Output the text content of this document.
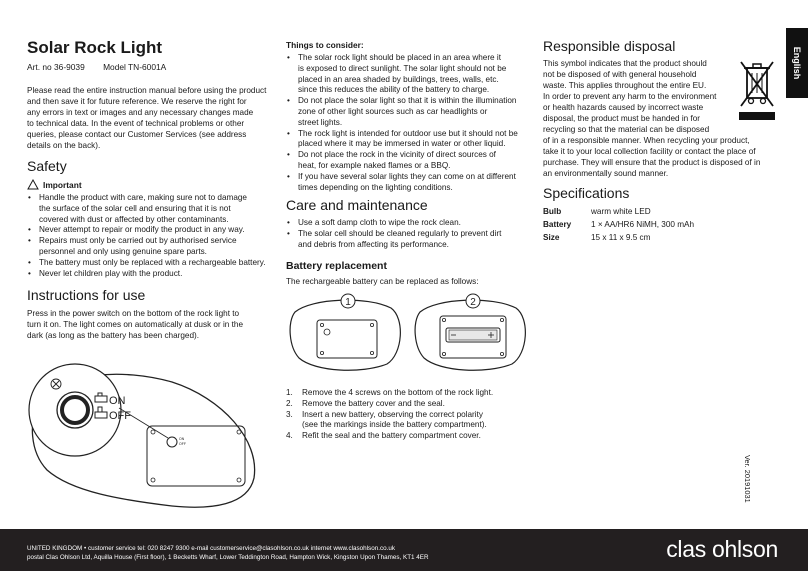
English
Solar Rock Light
Art. no 36-9039 Model TN-6001A

Please read the entire instruction manual before using the product

and then save it for future reference. We reserve the right for

any errors in text or images and any necessary changes made

to technical data. In the event of technical problems or other

queries, please contact our Customer Services (see address

details on the back).

Safety
Important
• Handle the product with care, making sure not to damage
the surface of the solar cell and ensuring that it is not
covered with dust or affected by other contaminants.
• Never attempt to repair or modify the product in any way.
• Repairs must only be carried out by authorised service
personnel and only using genuine spare parts.
• The battery must only be replaced with a rechargeable battery.
• Never let children play with the product.
Instructions for use

Press in the power switch on the bottom of the rock light to

turn it on. The light comes on automatically at dusk or in the

dark (as long as the battery has been charged).

ON
OFF
ON
OFF
Things to consider:
• The solar rock light should be placed in an area where it
is exposed to direct sunlight. The solar light should not be
placed in an area shaded by buildings, trees, walls, etc.
since this reduces the ability of the battery to charge.
• Do not place the solar light so that it is within the illumination
zone of other light sources such as car headlights or
street lights.
• The rock light is intended for outdoor use but it should not be
placed where it may be immersed in water or other liquid.
• Do not place the rock in the vicinity of direct sources of
heat, for example naked flames or a BBQ.
• If you have several solar lights they can come on at different
times depending on the lighting conditions.
Care and maintenance
• Use a soft damp cloth to wipe the rock clean.
• The solar cell should be cleaned regularly to prevent dirt
and debris from affecting its performance.
Battery replacement

The rechargeable battery can be replaced as follows:

1. Remove the 4 screws on the bottom of the rock light.
2. Remove the battery cover and the seal.
3. Insert a new battery, observing the correct polarity
(see the markings inside the battery compartment).
4. Refit the seal and the battery compartment cover.
1	2
Responsible disposal

This symbol indicates that the product should

not be disposed of with general household

waste. This applies throughout the entire EU.

In order to prevent any harm to the environment

or health hazards caused by incorrect waste

disposal, the product must be handed in for

recycling so that the material can be disposed

of in a responsible manner. When recycling your product,

take it to your local collection facility or contact the place of

purchase. They will ensure that the product is disposed of in

an environmentally sound manner.

Specifications
Bulb	warm white LED
Battery 1 × AA/HR6 NiMH, 300 mAh
Size	15 x 11 x 9.5 cm
Ver. 20191031
UNITED KINGDOM • customer service tel: 020 8247 9300 e-mail customerservice@clasohlson.co.uk internet www.clasohlson.co.uk
postal Clas Ohlson Ltd, Aquilla House (First floor), 1 Becketts Wharf, Lower Teddington Road, Hampton Wick, Kingston Upon Thames, KT1 4ER	clas ohlson
